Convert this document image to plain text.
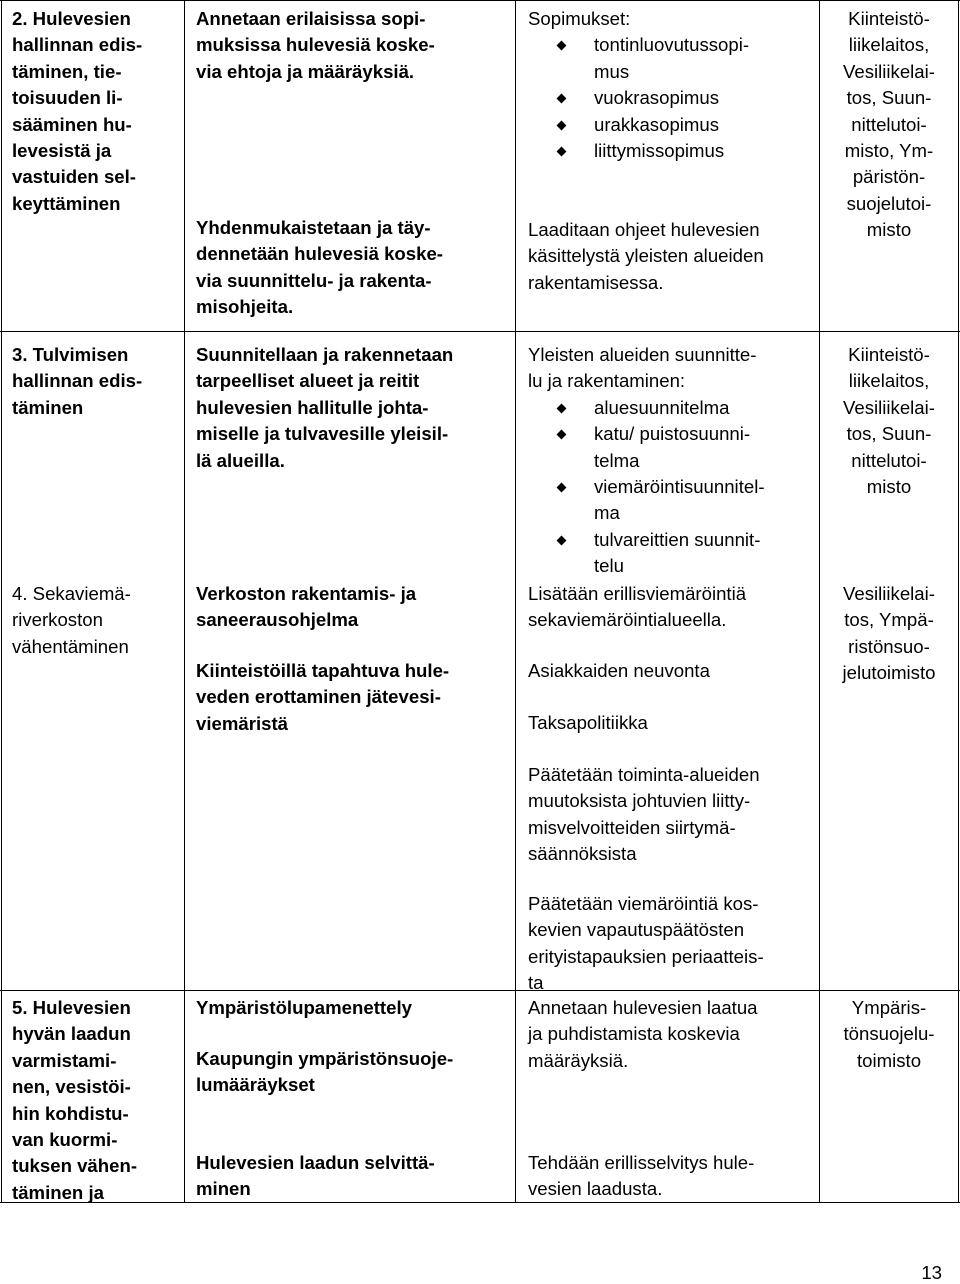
2. Hulevesien
hallinnan edis-
täminen, tie-
toisuuden li-
sääminen hu-
levesistä ja
vastuiden sel-
keyttäminen
Annetaan erilaisissa sopi-
muksissa hulevesiä koske-
via ehtoja ja määräyksiä.
Yhdenmukaistetaan ja täy-
dennetään hulevesiä koske-
via suunnittelu- ja rakenta-
misohjeita.
Sopimukset:
tontinluovutussopi-
mus
vuokrasopimus
urakkasopimus
liittymissopimus
Laaditaan ohjeet hulevesien
käsittelystä yleisten alueiden
rakentamisessa.
Kiinteistö-
liikelaitos,
Vesiliikelai-
tos, Suun-
nittelutoi-
misto, Ym-
päristön-
suojelutoi-
misto
3. Tulvimisen
hallinnan edis-
täminen
Suunnitellaan ja rakennetaan
tarpeelliset alueet ja reitit
hulevesien hallitulle johta-
miselle ja tulvavesille yleisil-
lä alueilla.
Yleisten alueiden suunnitte-
lu ja rakentaminen:
aluesuunnitelma
katu/ puistosuunni-
telma
viemäröintisuunnitel-
ma
tulvareittien suunnit-
telu
Kiinteistö-
liikelaitos,
Vesiliikelai-
tos, Suun-
nittelutoi-
misto
4. Sekaviemä-
riverkoston
vähentäminen
Verkoston rakentamis- ja
saneerausohjelma
Kiinteistöillä tapahtuva hule-
veden erottaminen jätevesi-
viemäristä
Lisätään erillisviemäröintiä
sekaviemäröintialueella.
Asiakkaiden neuvonta
Taksapolitiikka
Päätetään toiminta-alueiden
muutoksista johtuvien liitty-
misvelvoitteiden siirtymä-
säännöksista
Päätetään viemäröintiä kos-
kevien vapautuspäätösten
erityistapauksien periaatteis-
ta
Vesiliikelai-
tos, Ympä-
ristönsuo-
jelutoimisto
5. Hulevesien
hyvän laadun
varmistami-
nen, vesistöi-
hin kohdistu-
van kuormi-
tuksen vähen-
täminen ja
Ympäristölupamenettely
Kaupungin ympäristönsuoje-
lumääräykset
Hulevesien laadun selvittä-
minen
Annetaan hulevesien laatua
ja puhdistamista koskevia
määräyksiä.
Tehdään erillisselvitys hule-
vesien laadusta.
Ympäris-
tönsuojelu-
toimisto
13
